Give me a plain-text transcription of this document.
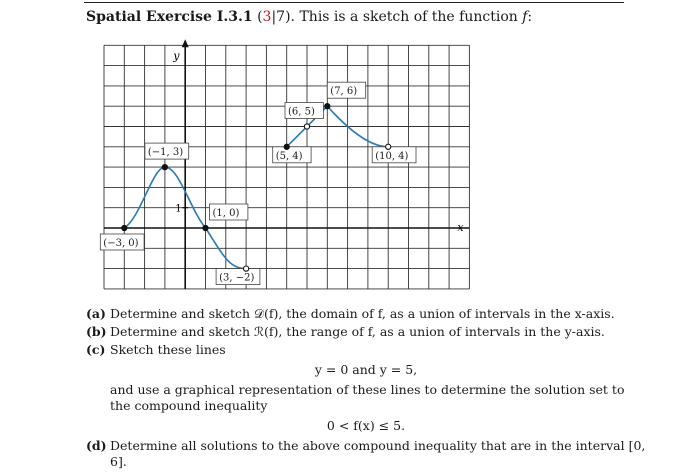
Spatial Exercise I.3.1 (3|7). This is a sketch of the function f:
(−3, 0)
(−1, 3)
(1, 0)
(3, −2)
(5, 4)
(6, 5)
(7, 6)
(10, 4)
y
x
1
(a) Determine and sketch 𝒟(f), the domain of f, as a union of intervals in the x-axis.
(b) Determine and sketch ℛ(f), the range of f, as a union of intervals in the y-axis.
(c) Sketch these lines
y = 0 and y = 5,
and use a graphical representation of these lines to determine the solution set to the compound inequality
0 < f(x) ≤ 5.
(d) Determine all solutions to the above compound inequality that are in the interval [0, 6].
